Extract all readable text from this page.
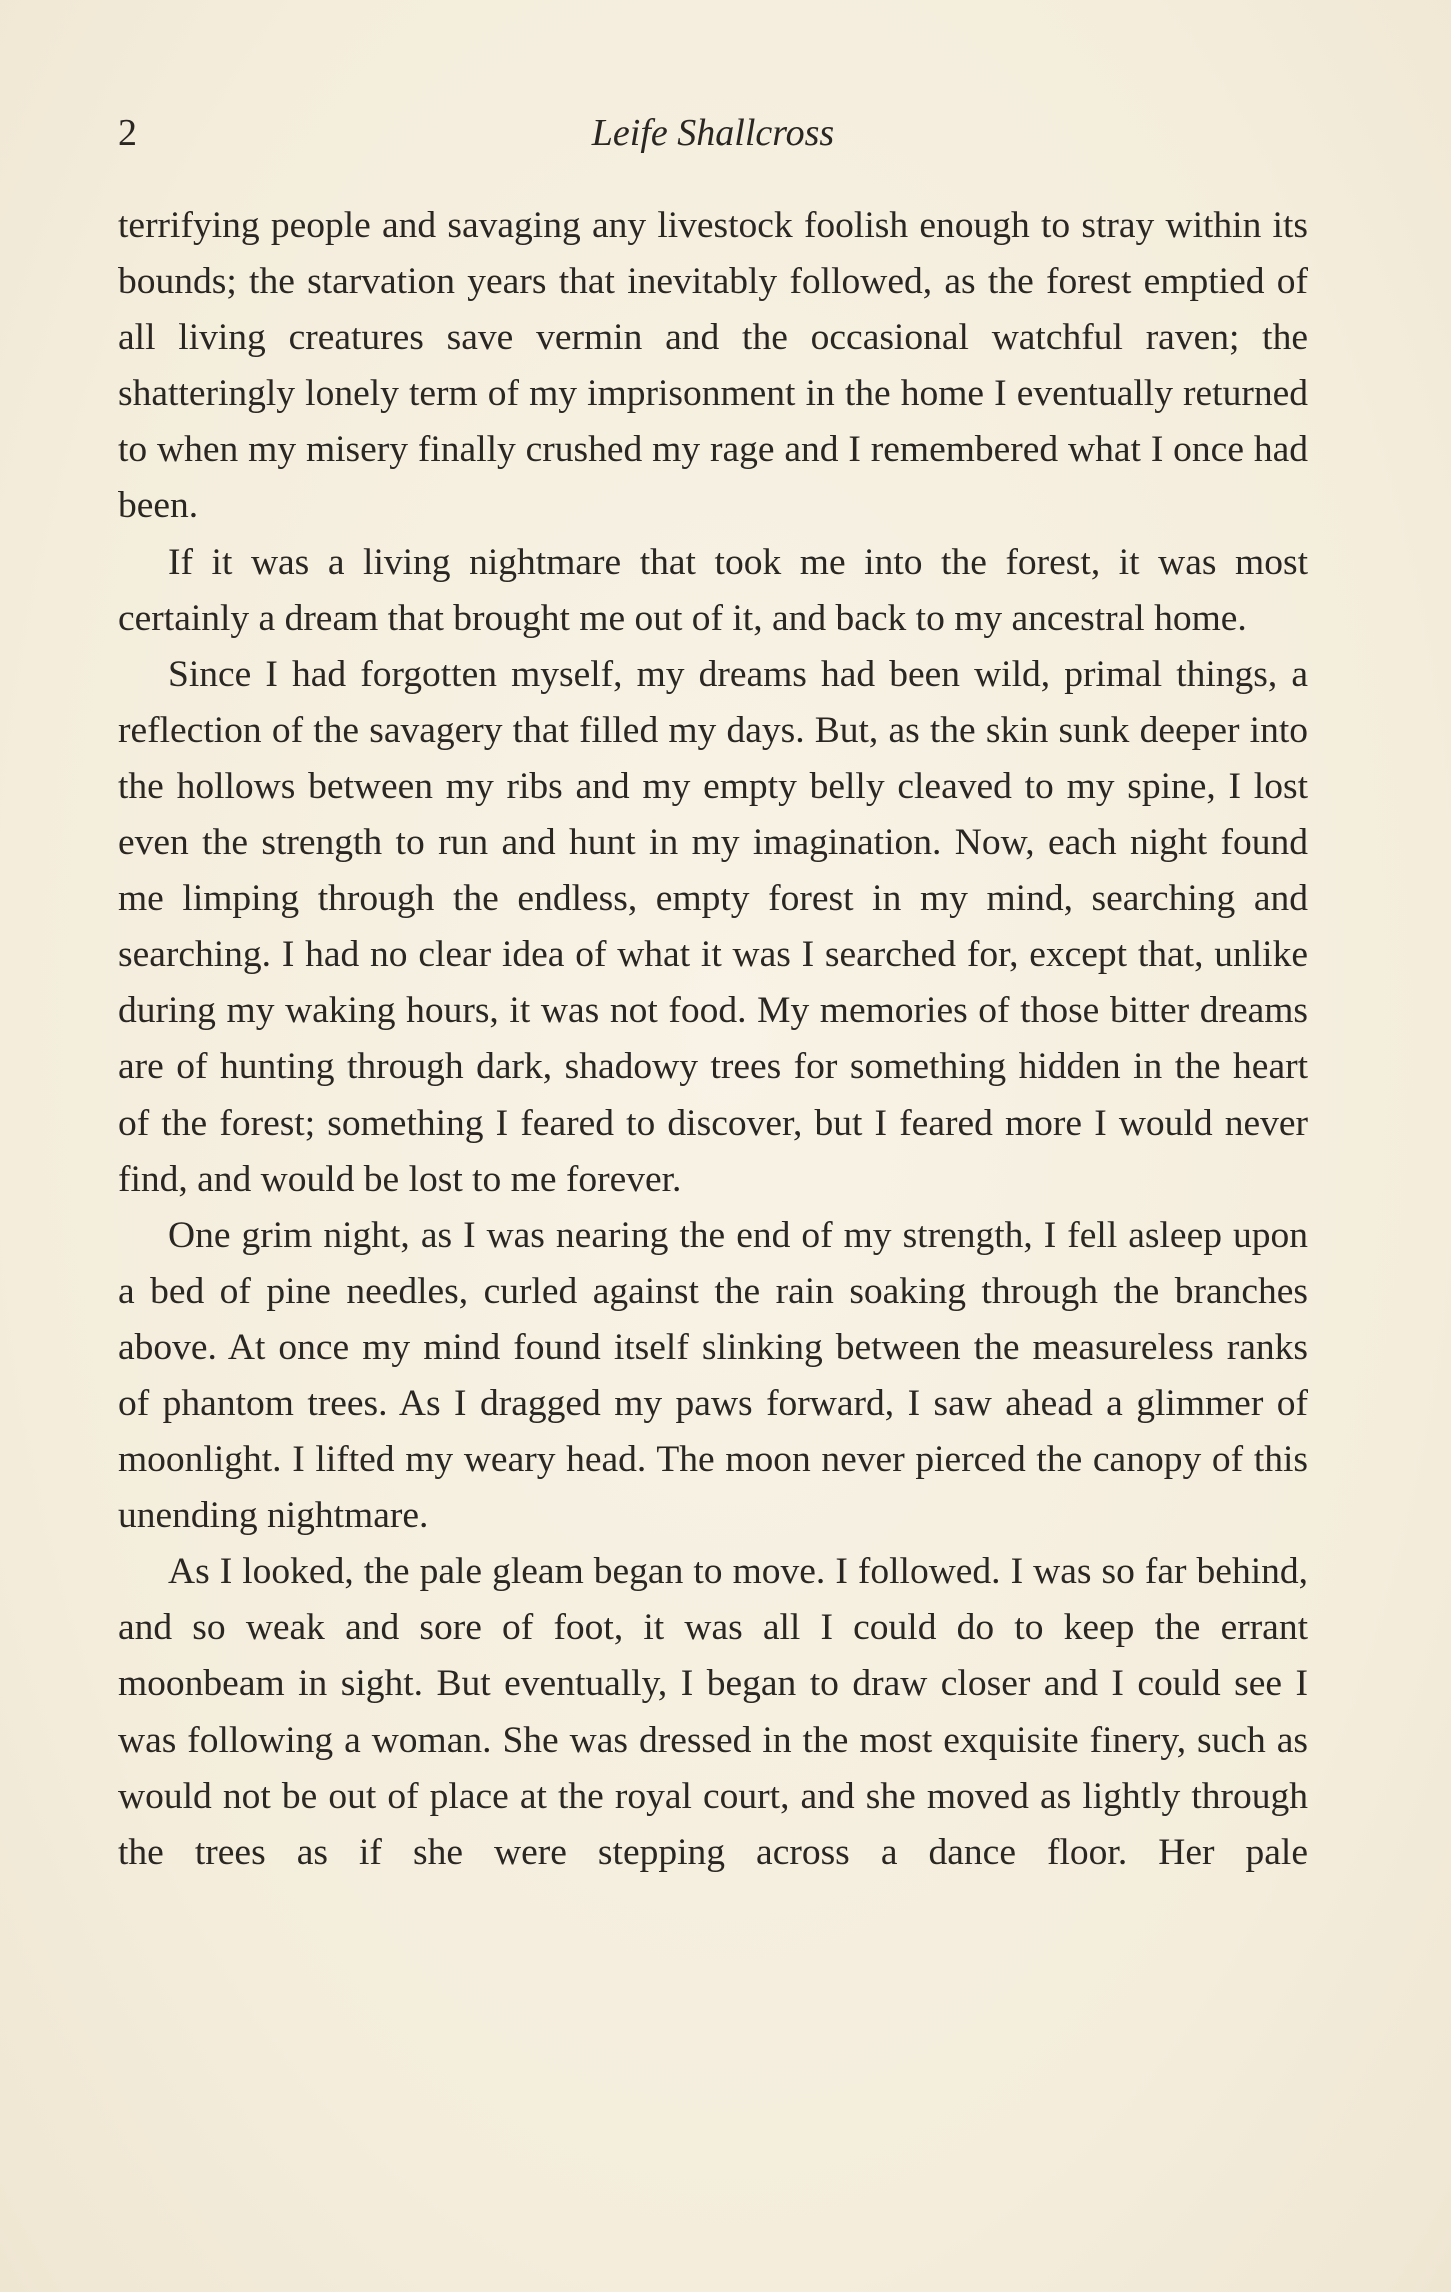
2	Leife Shallcross

terrifying people and savaging any livestock foolish enough to stray within its bounds; the starvation years that inevitably followed, as the forest emptied of all living creatures save vermin and the occasional watchful raven; the shatteringly lonely term of my imprisonment in the home I eventually returned to when my misery finally crushed my rage and I remembered what I once had been.

If it was a living nightmare that took me into the forest, it was most certainly a dream that brought me out of it, and back to my ancestral home.

Since I had forgotten myself, my dreams had been wild, primal things, a reflection of the savagery that filled my days. But, as the skin sunk deeper into the hollows between my ribs and my empty belly cleaved to my spine, I lost even the strength to run and hunt in my imagination. Now, each night found me limping through the endless, empty forest in my mind, searching and searching. I had no clear idea of what it was I searched for, except that, unlike during my waking hours, it was not food. My memories of those bitter dreams are of hunting through dark, shadowy trees for something hidden in the heart of the forest; something I feared to discover, but I feared more I would never find, and would be lost to me forever.

One grim night, as I was nearing the end of my strength, I fell asleep upon a bed of pine needles, curled against the rain soaking through the branches above. At once my mind found itself slinking between the measureless ranks of phantom trees. As I dragged my paws forward, I saw ahead a glimmer of moonlight. I lifted my weary head. The moon never pierced the canopy of this unending nightmare.

As I looked, the pale gleam began to move. I followed. I was so far behind, and so weak and sore of foot, it was all I could do to keep the errant moonbeam in sight. But eventually, I began to draw closer and I could see I was following a woman. She was dressed in the most exquisite finery, such as would not be out of place at the royal court, and she moved as lightly through the trees as if she were stepping across a dance floor. Her pale
